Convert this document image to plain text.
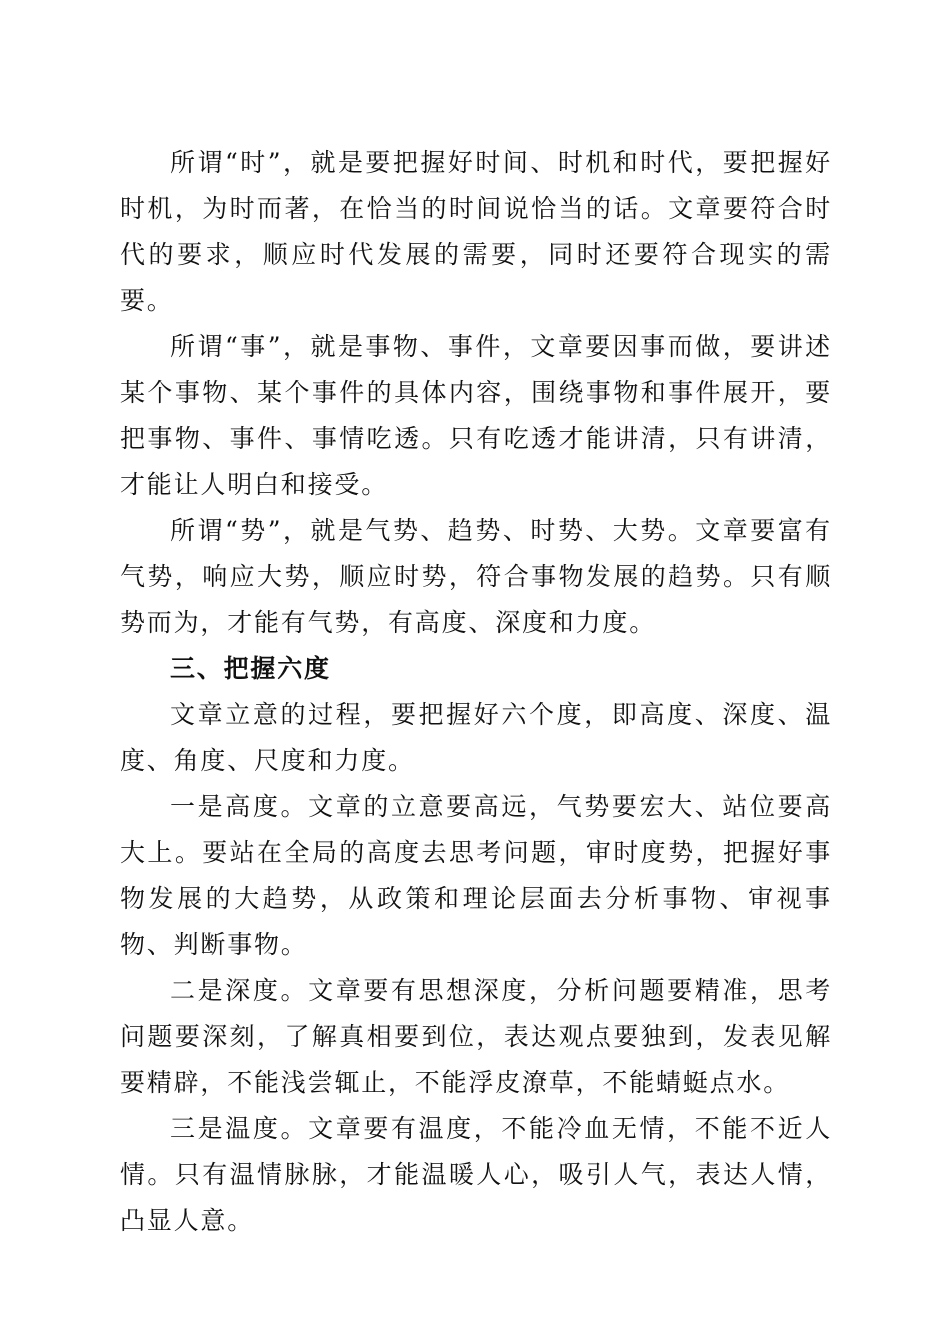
所谓“时”，就是要把握好时间、时机和时代，要把握好时机，为时而著，在恰当的时间说恰当的话。文章要符合时代的要求，顺应时代发展的需要，同时还要符合现实的需要。

所谓“事”，就是事物、事件，文章要因事而做，要讲述某个事物、某个事件的具体内容，围绕事物和事件展开，要把事物、事件、事情吃透。只有吃透才能讲清，只有讲清，才能让人明白和接受。

所谓“势”，就是气势、趋势、时势、大势。文章要富有气势，响应大势，顺应时势，符合事物发展的趋势。只有顺势而为，才能有气势，有高度、深度和力度。

三、把握六度

文章立意的过程，要把握好六个度，即高度、深度、温度、角度、尺度和力度。

一是高度。文章的立意要高远，气势要宏大、站位要高大上。要站在全局的高度去思考问题，审时度势，把握好事物发展的大趋势，从政策和理论层面去分析事物、审视事物、判断事物。

二是深度。文章要有思想深度，分析问题要精准，思考问题要深刻，了解真相要到位，表达观点要独到，发表见解要精辟，不能浅尝辄止，不能浮皮潦草，不能蜻蜓点水。

三是温度。文章要有温度，不能冷血无情，不能不近人情。只有温情脉脉，才能温暖人心，吸引人气，表达人情，凸显人意。
